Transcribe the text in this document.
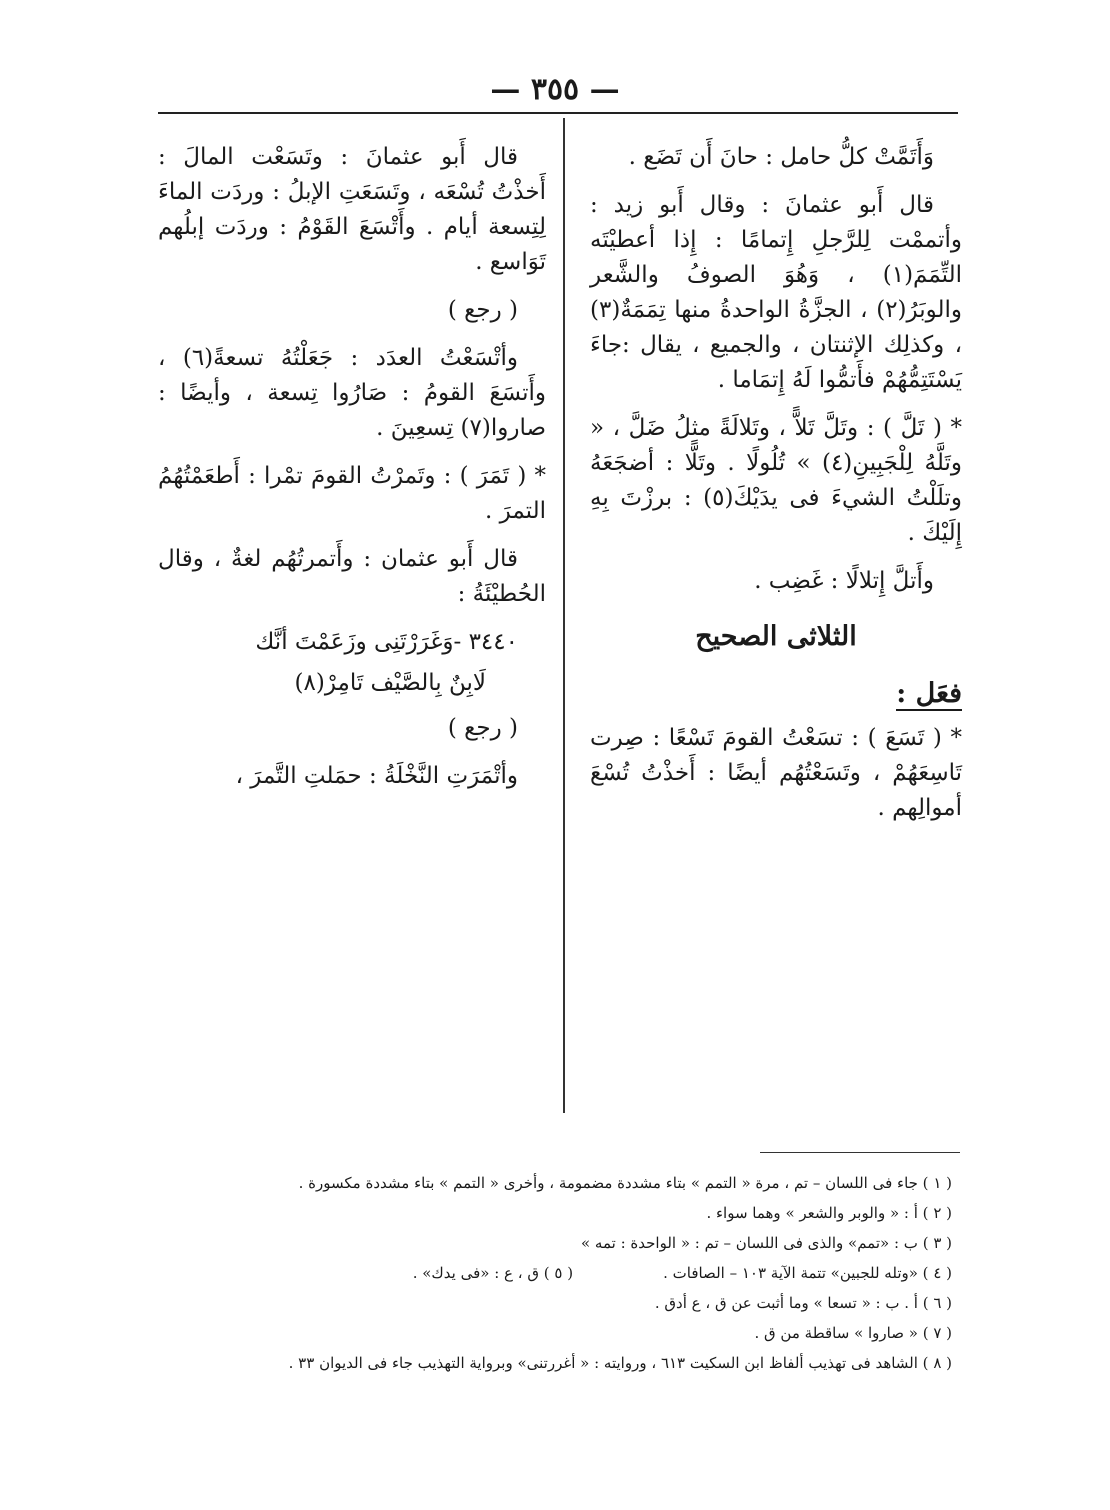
— ٣٥٥ —

وَأَتَمَّتْ كلُّ حامل : حانَ أَن تَضَع .

قال أَبو عثمانَ : وقال أَبو زيد : وأتممْت لِلرَّجلِ إِتمامًا : إِذا أعطيْتَه التِّمَمَ(١) ، وَهُوَ الصوفُ والشَّعر والوبَرُ(٢) ، الجزَّةُ الواحدةُ منها تِمَمَةٌ(٣) ، وكذلِك الإثنتان ، والجميع ، يقال :جاءَ يَسْتَتِمُّهُمْ فأَتمُّوا لَهُ إِتمَاما .

* ( تَلَّ ) : وتَلَّ تَلاًّ ، وتَلالَةً مثلُ ضَلَّ ، « وتَلَّهُ لِلْجَبِينِ(٤) » تُلُولًا . وتَلًّا : أضجَعَهُ وتلَلْتُ الشيءَ فى يدَيْكَ(٥) : برزْتَ بِهِ إِلَيْكَ .

وأَتلَّ إِتلالًا : غَضِب .

الثلاثى الصحيح
فعَل :

* ( تَسَعَ ) : تسَعْتُ القومَ تَسْعًا : صِرت تَاسِعَهُمْ ، وتَسَعْتُهُم أيضًا : أَخذْتُ تُسْعَ أموالِهم .

قال أَبو عثمانَ : وتَسَعْت المالَ : أَخذْتُ تُسْعَه ، وتَسَعَتِ الإبلُ : وردَت الماءَ لِتِسعة أيام . وأَتْسَعَ القَوْمُ : وردَت إبلُهم تَوَاسع .

( رجع )

وأتْسَعْتُ العدَد : جَعَلْتُهُ تسعةً(٦) ، وأَتسَعَ القومُ : صَارُوا تِسعة ، وأيضًا : صاروا(٧) تِسعِينَ .

* ( تَمَرَ ) : وتَمرْتُ القومَ تمْرا : أَطعَمْتُهُمُ التمرَ .

قال أَبو عثمان : وأَتمرتُهُم لغةٌ ، وقال الحُطيْئَةُ :

٣٤٤٠ -وَغَرَرْتَنِى وزَعَمْتَ أنَّك
لَابِنٌ بِالصَّيْف تَامِرْ(٨)

( رجع )

وأتْمَرَتِ النَّخْلَةُ : حمَلتِ التَّمرَ ،

( ١ ) جاء فى اللسان – تم ، مرة « التمم » بتاء مشددة مضمومة ، وأخرى « التمم » بتاء مشددة مكسورة .
( ٢ ) أ : « والوبر والشعر » وهما سواء .
( ٣ ) ب : «تمم» والذى فى اللسان – تم : « الواحدة : تمه »
( ٤ ) «وتله للجبين» تتمة الآية ١٠٣ – الصافات .
( ٥ ) ق ، ع : «فى يدك» .
( ٦ ) أ . ب : « تسعا » وما أثبت عن ق ، ع أدق .
( ٧ ) « صاروا » ساقطة من ق .
( ٨ ) الشاهد فى تهذيب ألفاظ ابن السكيت ٦١٣ ، وروايته : « أغررتنى» وبرواية التهذيب جاء فى الديوان ٣٣ .
